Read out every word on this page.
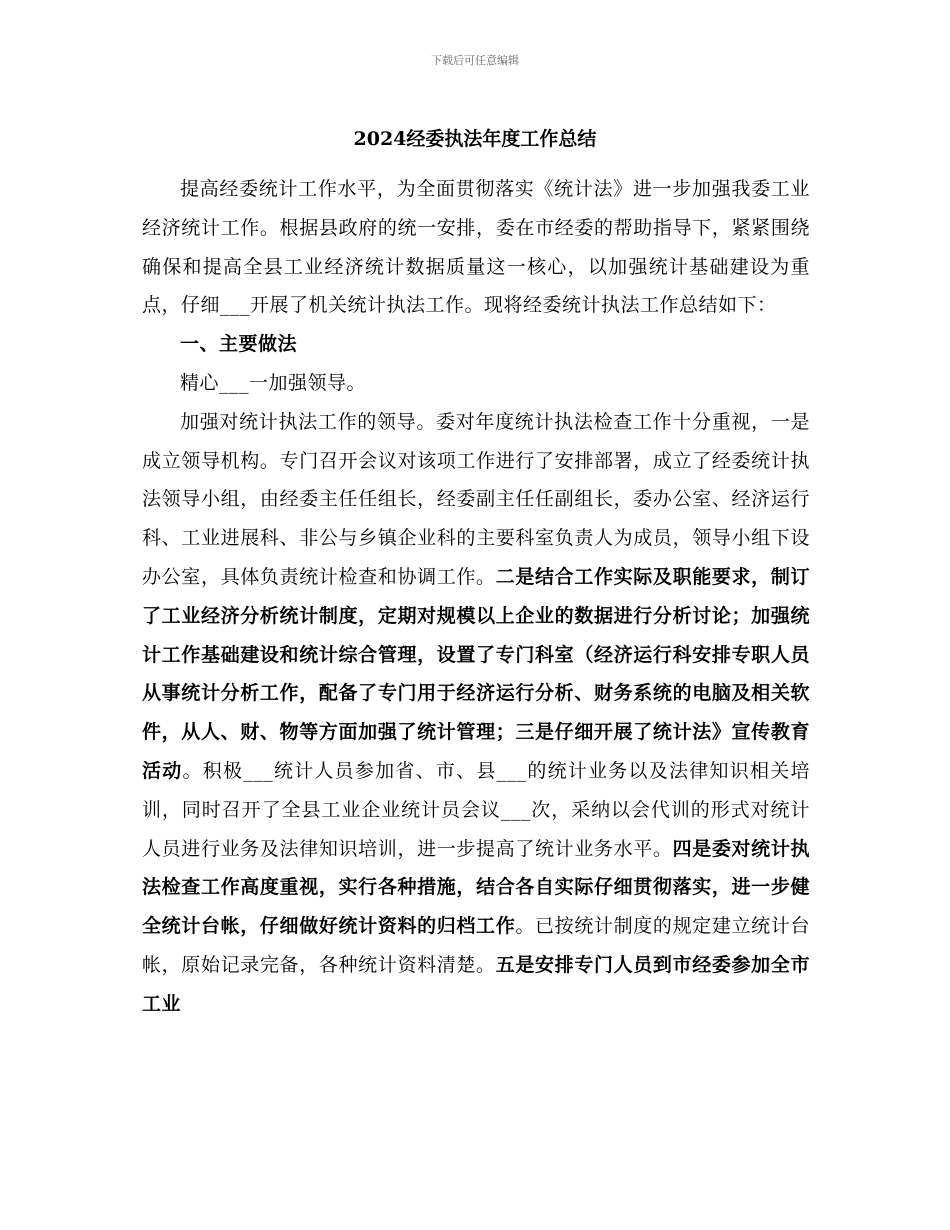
下载后可任意编辑
2024经委执法年度工作总结

提高经委统计工作水平，为全面贯彻落实《统计法》进一步加强我委工业经济统计工作。根据县政府的统一安排，委在市经委的帮助指导下，紧紧围绕确保和提高全县工业经济统计数据质量这一核心，以加强统计基础建设为重点，仔细___开展了机关统计执法工作。现将经委统计执法工作总结如下：

一、主要做法

精心___一加强领导。

加强对统计执法工作的领导。委对年度统计执法检查工作十分重视，一是成立领导机构。专门召开会议对该项工作进行了安排部署，成立了经委统计执法领导小组，由经委主任任组长，经委副主任任副组长，委办公室、经济运行科、工业进展科、非公与乡镇企业科的主要科室负责人为成员，领导小组下设办公室，具体负责统计检查和协调工作。二是结合工作实际及职能要求，制订了工业经济分析统计制度，定期对规模以上企业的数据进行分析讨论；加强统计工作基础建设和统计综合管理，设置了专门科室（经济运行科安排专职人员从事统计分析工作，配备了专门用于经济运行分析、财务系统的电脑及相关软件，从人、财、物等方面加强了统计管理；三是仔细开展了统计法》宣传教育活动。积极___统计人员参加省、市、县___的统计业务以及法律知识相关培训，同时召开了全县工业企业统计员会议___次，采纳以会代训的形式对统计人员进行业务及法律知识培训，进一步提高了统计业务水平。四是委对统计执法检查工作高度重视，实行各种措施，结合各自实际仔细贯彻落实，进一步健全统计台帐，仔细做好统计资料的归档工作。已按统计制度的规定建立统计台帐，原始记录完备，各种统计资料清楚。五是安排专门人员到市经委参加全市工业
